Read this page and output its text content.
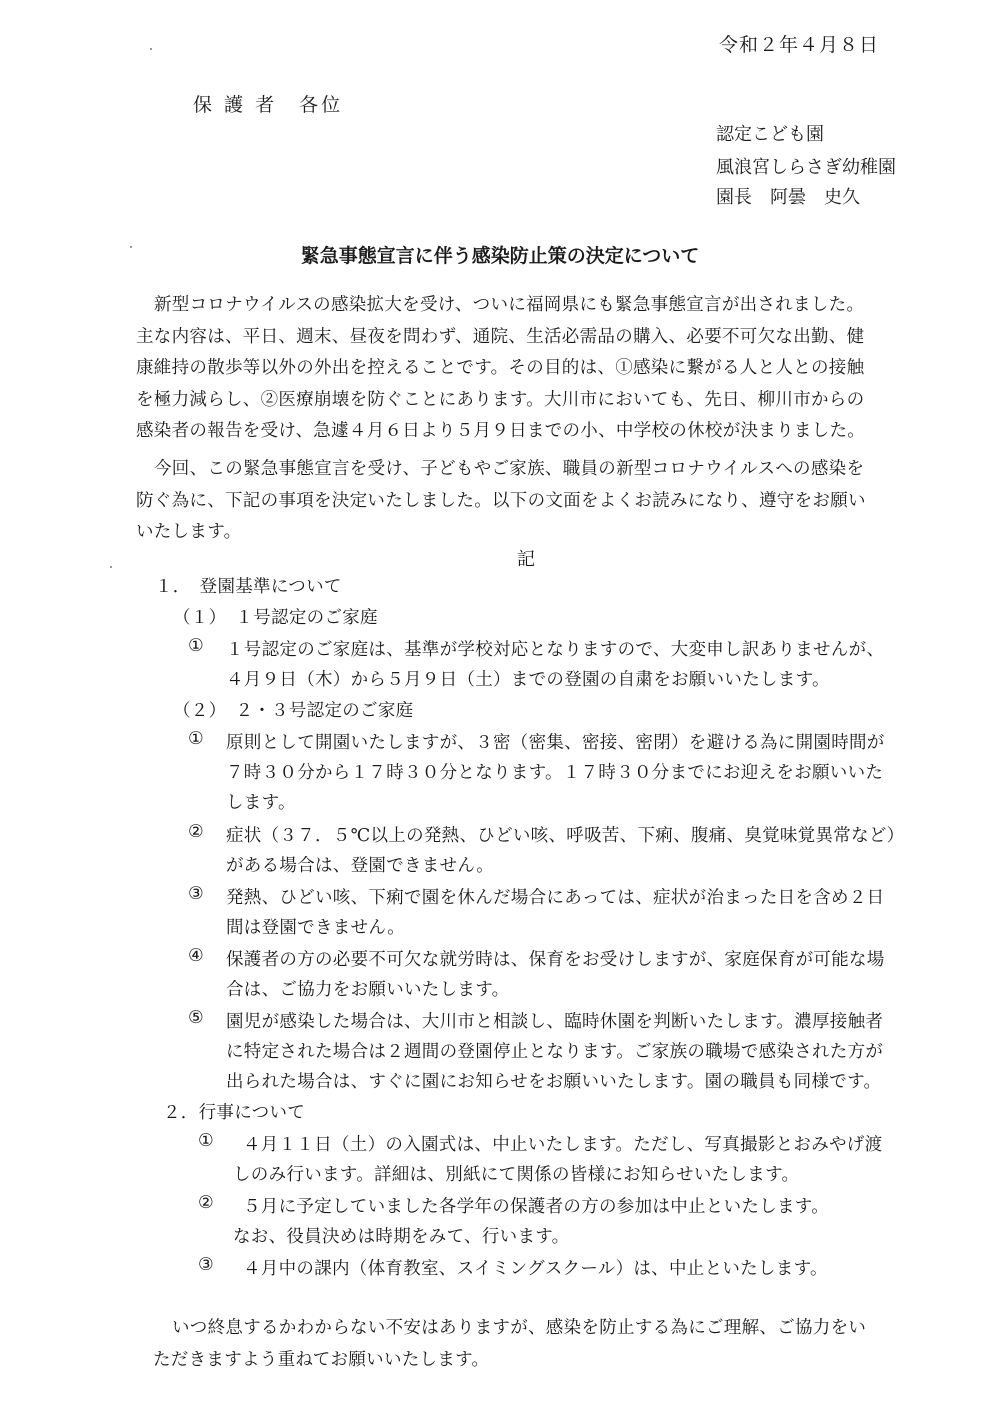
令和２年４月８日
保 護 者　各位
認定こども園
風浪宮しらさぎ幼稚園
園長　阿曇　史久
緊急事態宣言に伴う感染防止策の決定について
新型コロナウイルスの感染拡大を受け、ついに福岡県にも緊急事態宣言が出されました。
主な内容は、平日、週末、昼夜を問わず、通院、生活必需品の購入、必要不可欠な出勤、健
康維持の散歩等以外の外出を控えることです。その目的は、①感染に繋がる人と人との接触
を極力減らし、②医療崩壊を防ぐことにあります。大川市においても、先日、柳川市からの
感染者の報告を受け、急遽４月６日より５月９日までの小、中学校の休校が決まりました。
今回、この緊急事態宣言を受け、子どもやご家族、職員の新型コロナウイルスへの感染を
防ぐ為に、下記の事項を決定いたしました。以下の文面をよくお読みになり、遵守をお願い
いたします。
記
１．　登園基準について
（１）　１号認定のご家庭
① １号認定のご家庭は、基準が学校対応となりますので、大変申し訳ありませんが、
４月９日（木）から５月９日（土）までの登園の自粛をお願いいたします。
（２）　２・３号認定のご家庭
① 原則として開園いたしますが、３密（密集、密接、密閉）を避ける為に開園時間が
７時３０分から１７時３０分となります。１７時３０分までにお迎えをお願いいた
します。
② 症状（３７．５℃以上の発熱、ひどい咳、呼吸苦、下痢、腹痛、臭覚味覚異常など）
がある場合は、登園できません。
③ 発熱、ひどい咳、下痢で園を休んだ場合にあっては、症状が治まった日を含め２日
間は登園できません。
④ 保護者の方の必要不可欠な就労時は、保育をお受けしますが、家庭保育が可能な場
合は、ご協力をお願いいたします。
⑤ 園児が感染した場合は、大川市と相談し、臨時休園を判断いたします。濃厚接触者
に特定された場合は２週間の登園停止となります。ご家族の職場で感染された方が
出られた場合は、すぐに園にお知らせをお願いいたします。園の職員も同様です。
２．行事について
① ４月１１日（土）の入園式は、中止いたします。ただし、写真撮影とおみやげ渡
しのみ行います。詳細は、別紙にて関係の皆様にお知らせいたします。
② ５月に予定していました各学年の保護者の方の参加は中止といたします。
なお、役員決めは時期をみて、行います。
③ ４月中の課内（体育教室、スイミングスクール）は、中止といたします。
いつ終息するかわからない不安はありますが、感染を防止する為にご理解、ご協力をい
ただきますよう重ねてお願いいたします。
